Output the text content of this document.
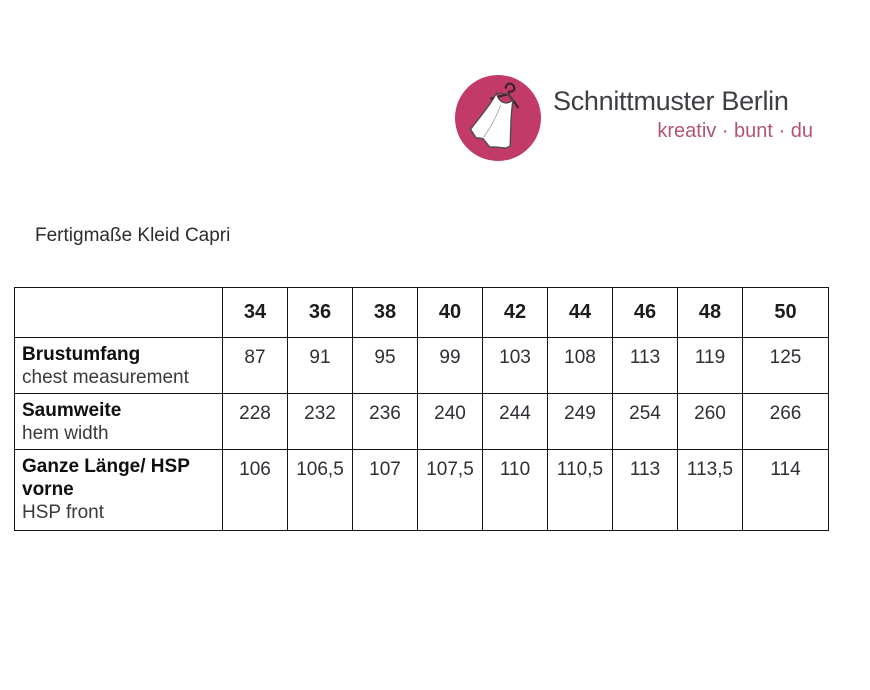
Schnittmuster Berlin
kreativ · bunt · du
Fertigmaße Kleid Capri
	34	36	38	40	42	44	46	48	50

Brustumfang
chest measurement	87	91	95	99	103	108	113	119	125

Saumweite
hem width	228	232	236	240	244	249	254	260	266

Ganze Länge/ HSP vorne
HSP front	106	106,5	107	107,5	110	110,5	113	113,5	114
